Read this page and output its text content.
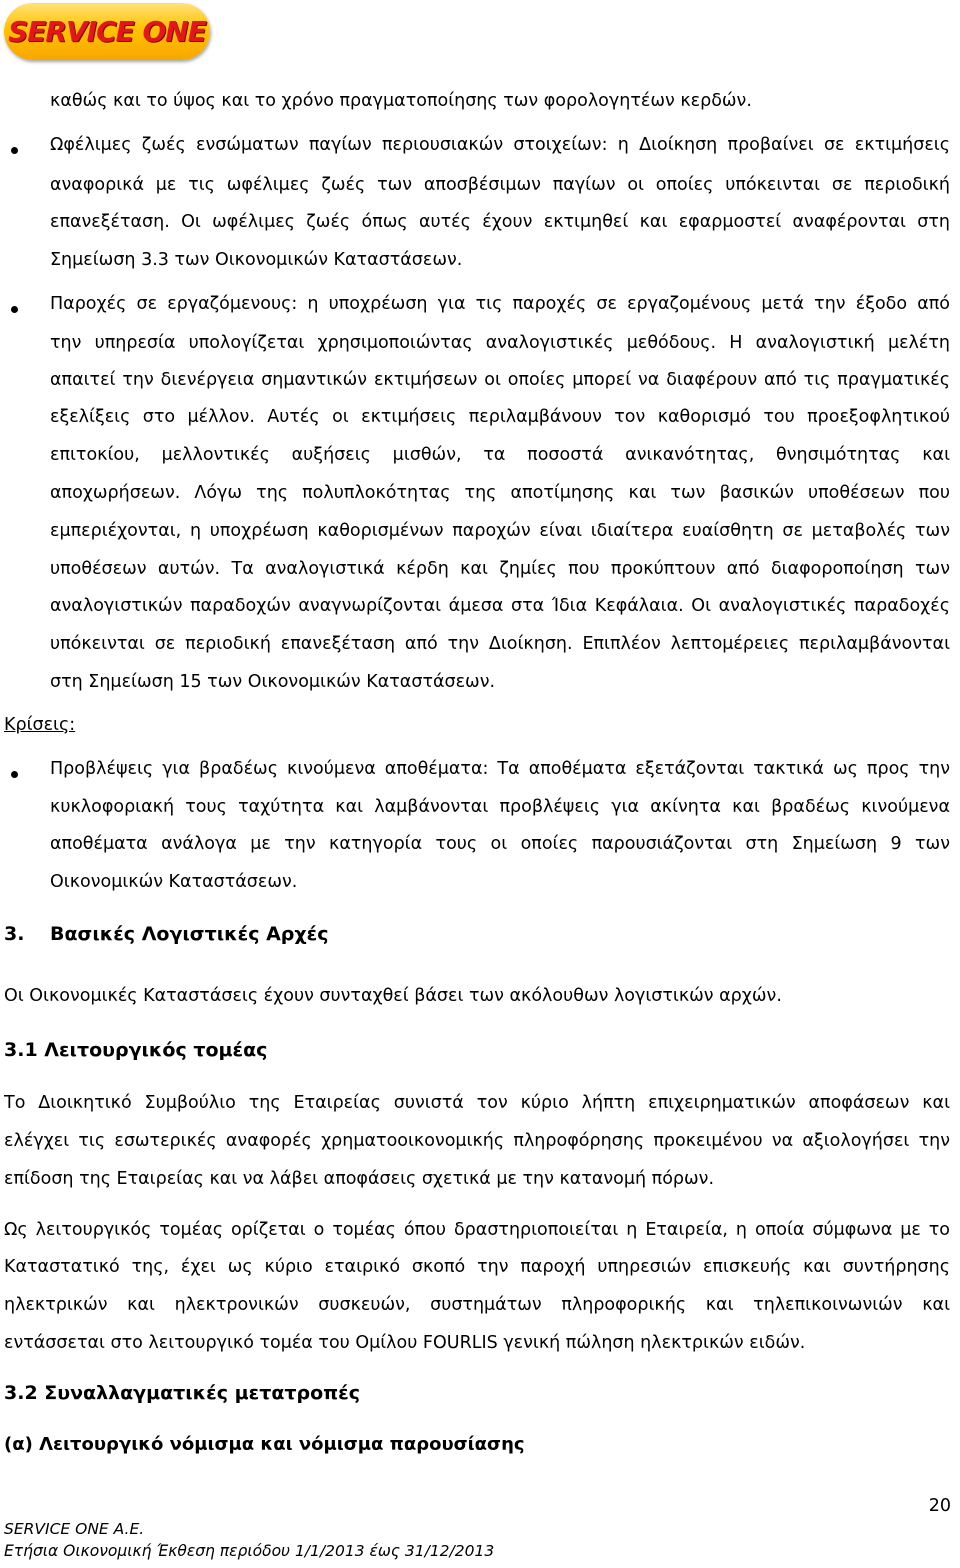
SERVICE ONE
καθώς και το ύψος και το χρόνο πραγματοποίησης των φορολογητέων κερδών.
Ωφέλιμες ζωές ενσώματων παγίων περιουσιακών στοιχείων: η Διοίκηση προβαίνει σε εκτιμήσεις
αναφορικά με τις ωφέλιμες ζωές των αποσβέσιμων παγίων οι οποίες υπόκεινται σε περιοδική
επανεξέταση. Οι ωφέλιμες ζωές όπως αυτές έχουν εκτιμηθεί και εφαρμοστεί αναφέρονται στη
Σημείωση 3.3 των Οικονομικών Καταστάσεων.
Παροχές σε εργαζόμενους: η υποχρέωση για τις παροχές σε εργαζομένους μετά την έξοδο από
την υπηρεσία υπολογίζεται χρησιμοποιώντας αναλογιστικές μεθόδους. Η αναλογιστική μελέτη
απαιτεί την διενέργεια σημαντικών εκτιμήσεων οι οποίες μπορεί να διαφέρουν από τις πραγματικές
εξελίξεις στο μέλλον. Αυτές οι εκτιμήσεις περιλαμβάνουν τον καθορισμό του προεξοφλητικού
επιτοκίου, μελλοντικές αυξήσεις μισθών, τα ποσοστά ανικανότητας, θνησιμότητας και
αποχωρήσεων. Λόγω της πολυπλοκότητας της αποτίμησης και των βασικών υποθέσεων που
εμπεριέχονται, η υποχρέωση καθορισμένων παροχών είναι ιδιαίτερα ευαίσθητη σε μεταβολές των
υποθέσεων αυτών. Τα αναλογιστικά κέρδη και ζημίες που προκύπτουν από διαφοροποίηση των
αναλογιστικών παραδοχών αναγνωρίζονται άμεσα στα Ίδια Κεφάλαια. Οι αναλογιστικές παραδοχές
υπόκεινται σε περιοδική επανεξέταση από την Διοίκηση. Επιπλέον λεπτομέρειες περιλαμβάνονται
στη Σημείωση 15 των Οικονομικών Καταστάσεων.
Κρίσεις:
Προβλέψεις για βραδέως κινούμενα αποθέματα: Τα αποθέματα εξετάζονται τακτικά ως προς την
κυκλοφοριακή τους ταχύτητα και λαμβάνονται προβλέψεις για ακίνητα και βραδέως κινούμενα
αποθέματα ανάλογα με την κατηγορία τους οι οποίες παρουσιάζονται στη Σημείωση 9 των
Οικονομικών Καταστάσεων.
3. Βασικές Λογιστικές Αρχές
Οι Οικονομικές Καταστάσεις έχουν συνταχθεί βάσει των ακόλουθων λογιστικών αρχών.
3.1 Λειτουργικός τομέας
Το Διοικητικό Συμβούλιο της Εταιρείας συνιστά τον κύριο λήπτη επιχειρηματικών αποφάσεων και
ελέγχει τις εσωτερικές αναφορές χρηματοοικονομικής πληροφόρησης προκειμένου να αξιολογήσει την
επίδοση της Εταιρείας και να λάβει αποφάσεις σχετικά με την κατανομή πόρων.
Ως λειτουργικός τομέας ορίζεται ο τομέας όπου δραστηριοποιείται η Εταιρεία, η οποία σύμφωνα με το
Καταστατικό της, έχει ως κύριο εταιρικό σκοπό την παροχή υπηρεσιών επισκευής και συντήρησης
ηλεκτρικών και ηλεκτρονικών συσκευών, συστημάτων πληροφορικής και τηλεπικοινωνιών και
εντάσσεται στο λειτουργικό τομέα του Ομίλου FOURLIS γενική πώληση ηλεκτρικών ειδών.
3.2 Συναλλαγματικές μετατροπές
(α) Λειτουργικό νόμισμα και νόμισμα παρουσίασης
20
SERVICE ONE A.E.
Ετήσια Οικονομική Έκθεση περιόδου 1/1/2013 έως 31/12/2013
